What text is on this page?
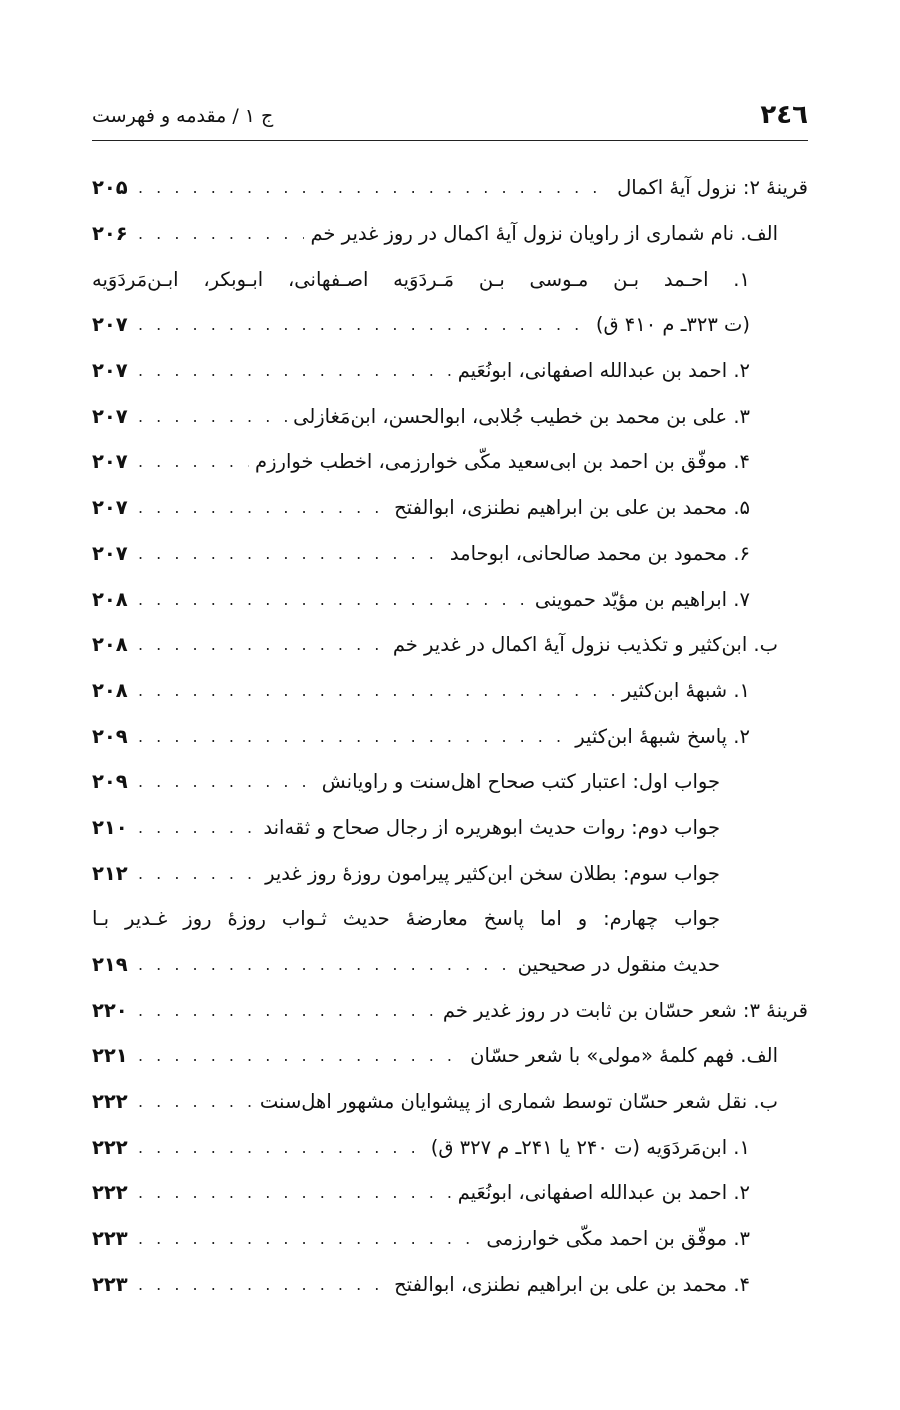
۲٤٦
ج ۱ / مقدمه و فهرست
قرینهٔ ۲: نزول آیهٔ اکمال
. . .
۲۰۵
الف. نام شماری از راویان نزول آیهٔ اکمال در روز غدیر خم
. . .
۲۰۶
۱. احـمد بـن مـوسی بـن مَـردَوَیه اصـفهانی، ابـوبکر، ابـن‌مَردَوَیه
(ت ۳۲۳ـ م ۴۱۰ ق)
. . .
۲۰۷
۲. احمد بن عبدالله اصفهانی، ابونُعَیم
. . .
۲۰۷
۳. علی بن محمد بن خطیب جُلابی، ابوالحسن، ابن‌مَغازلی
. . .
۲۰۷
۴. موفّق بن احمد بن ابی‌سعید مکّی خوارزمی، اخطب خوارزم
. . .
۲۰۷
۵. محمد بن علی بن ابراهیم نطنزی، ابوالفتح
. . .
۲۰۷
۶. محمود بن محمد صالحانی، ابوحامد
. . .
۲۰۷
۷. ابراهیم بن مؤیّد حموینی
. . .
۲۰۸
ب. ابن‌کثیر و تکذیب نزول آیهٔ اکمال در غدیر خم
. . .
۲۰۸
۱. شبههٔ ابن‌کثیر
. . .
۲۰۸
۲. پاسخ شبههٔ ابن‌کثیر
. . .
۲۰۹
جواب اول: اعتبار کتب صحاح اهل‌سنت و راویانش
. . .
۲۰۹
جواب دوم: روات حدیث ابوهریره از رجال صحاح و ثقه‌اند
. . .
۲۱۰
جواب سوم: بطلان سخن ابن‌کثیر پیرامون روزهٔ روز غدیر
. . .
۲۱۲
جواب چهارم: و اما پاسخ معارضهٔ حدیث ثـواب روزهٔ روز غـدیر بـا
حدیث منقول در صحیحین
. . .
۲۱۹
قرینهٔ ۳: شعر حسّان بن ثابت در روز غدیر خم
. . .
۲۲۰
الف. فهم کلمهٔ «مولی» با شعر حسّان
. . .
۲۲۱
ب. نقل شعر حسّان توسط شماری از پیشوایان مشهور اهل‌سنت
. . .
۲۲۲
۱. ابن‌مَردَوَیه (ت ۲۴۰ یا ۲۴۱ـ م ۳۲۷ ق)
. . .
۲۲۲
۲. احمد بن عبدالله اصفهانی، ابونُعَیم
. . .
۲۲۲
۳. موفّق بن احمد مکّی خوارزمی
. . .
۲۲۳
۴. محمد بن علی بن ابراهیم نطنزی، ابوالفتح
. . .
۲۲۳
